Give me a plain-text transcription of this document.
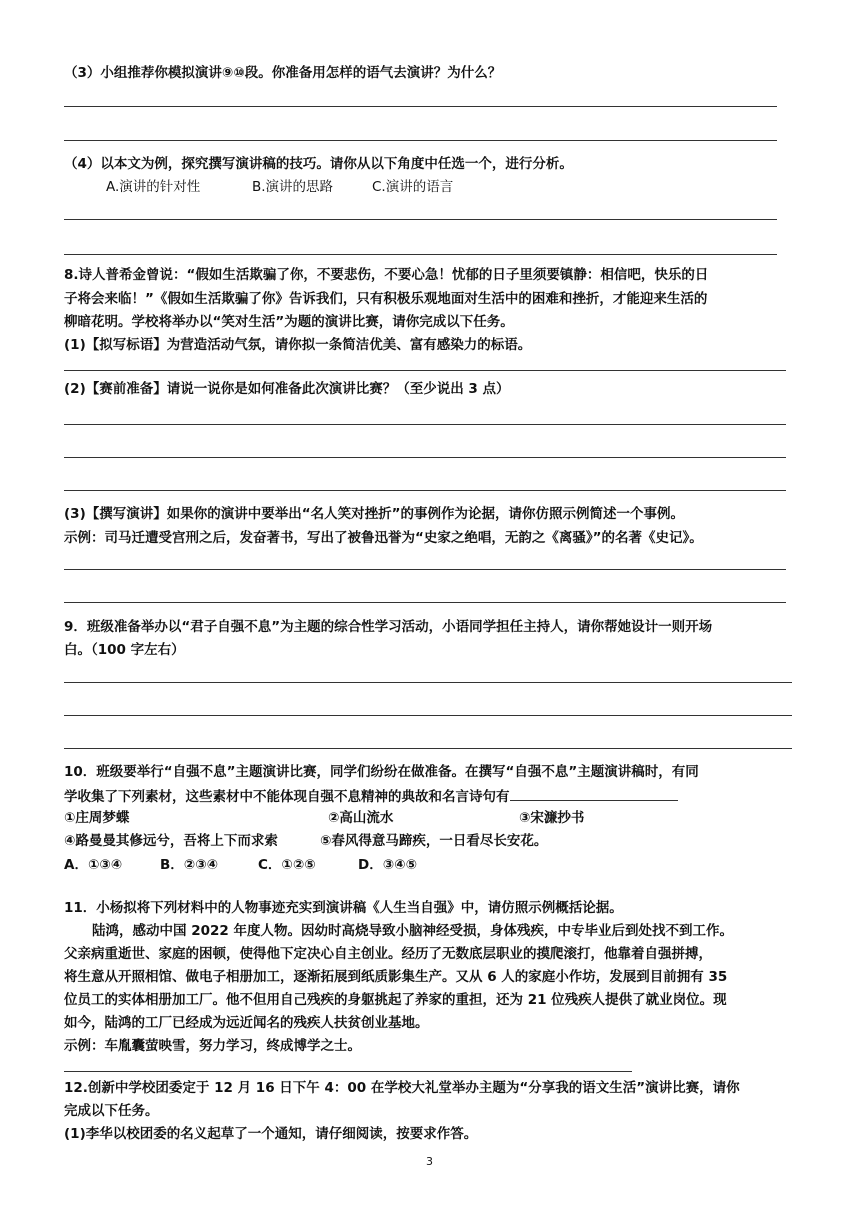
（3）小组推荐你模拟演讲⑨⑩段。你准备用怎样的语气去演讲？为什么？
（4）以本文为例，探究撰写演讲稿的技巧。请你从以下角度中任选一个，进行分析。
A.演讲的针对性	B.演讲的思路	C.演讲的语言
8.诗人普希金曾说：“假如生活欺骗了你，不要悲伤，不要心急！忧郁的日子里须要镇静：相信吧，快乐的日
子将会来临！”《假如生活欺骗了你》告诉我们，只有积极乐观地面对生活中的困难和挫折，才能迎来生活的
柳暗花明。学校将举办以“笑对生活”为题的演讲比赛，请你完成以下任务。
(1)【拟写标语】为营造活动气氛，请你拟一条简洁优美、富有感染力的标语。
(2)【赛前准备】请说一说你是如何准备此次演讲比赛？（至少说出 3 点）
(3)【撰写演讲】如果你的演讲中要举出“名人笑对挫折”的事例作为论据，请你仿照示例简述一个事例。
示例：司马迁遭受宫刑之后，发奋著书，写出了被鲁迅誉为“史家之绝唱，无韵之《离骚》”的名著《史记》。
9．班级准备举办以“君子自强不息”为主题的综合性学习活动，小语同学担任主持人，请你帮她设计一则开场
白。（100 字左右）
10．班级要举行“自强不息”主题演讲比赛，同学们纷纷在做准备。在撰写“自强不息”主题演讲稿时，有同
学收集了下列素材，这些素材中不能体现自强不息精神的典故和名言诗句有
①庄周梦蝶	②高山流水	③宋濂抄书
④路曼曼其修远兮，吾将上下而求索	⑤春风得意马蹄疾，一日看尽长安花。
A．①③④	B．②③④	C．①②⑤	D．③④⑤
11．小杨拟将下列材料中的人物事迹充实到演讲稿《人生当自强》中，请仿照示例概括论据。
陆鸿，感动中国 2022 年度人物。因幼时高烧导致小脑神经受损，身体残疾，中专毕业后到处找不到工作。
父亲病重逝世、家庭的困顿，使得他下定决心自主创业。经历了无数底层职业的摸爬滚打，他靠着自强拼搏，
将生意从开照相馆、做电子相册加工，逐渐拓展到纸质影集生产。又从 6 人的家庭小作坊，发展到目前拥有 35
位员工的实体相册加工厂。他不但用自己残疾的身躯挑起了养家的重担，还为 21 位残疾人提供了就业岗位。现
如今，陆鸿的工厂已经成为远近闻名的残疾人扶贫创业基地。
示例：车胤囊萤映雪，努力学习，终成博学之士。
12.创新中学校团委定于 12 月 16 日下午 4：00 在学校大礼堂举办主题为“分享我的语文生活”演讲比赛，请你
完成以下任务。
(1)李华以校团委的名义起草了一个通知，请仔细阅读，按要求作答。
3
